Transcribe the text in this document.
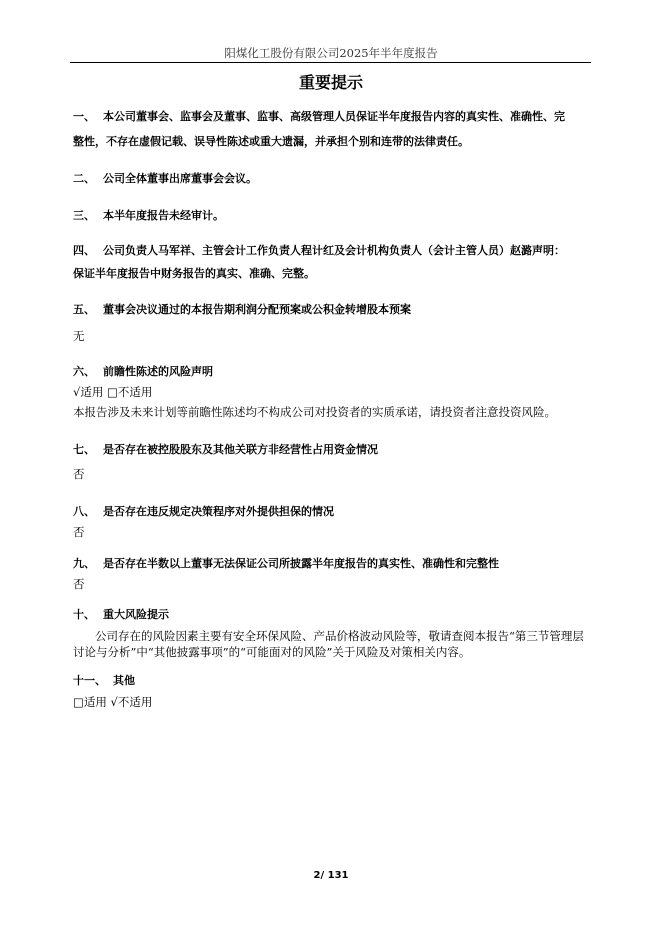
阳煤化工股份有限公司2025年半年度报告
重要提示
一、 本公司董事会、监事会及董事、监事、高级管理人员保证半年度报告内容的真实性、准确性、完
整性，不存在虚假记载、误导性陈述或重大遗漏，并承担个别和连带的法律责任。
二、 公司全体董事出席董事会会议。
三、 本半年度报告未经审计。
四、 公司负责人马军祥、主管会计工作负责人程计红及会计机构负责人（会计主管人员）赵潞声明：
保证半年度报告中财务报告的真实、准确、完整。
五、 董事会决议通过的本报告期利润分配预案或公积金转增股本预案
无
六、 前瞻性陈述的风险声明
√适用 □不适用
本报告涉及未来计划等前瞻性陈述均不构成公司对投资者的实质承诺，请投资者注意投资风险。
七、 是否存在被控股股东及其他关联方非经营性占用资金情况
否
八、 是否存在违反规定决策程序对外提供担保的情况
否
九、 是否存在半数以上董事无法保证公司所披露半年度报告的真实性、准确性和完整性
否
十、 重大风险提示
公司存在的风险因素主要有安全环保风险、产品价格波动风险等，敬请查阅本报告“第三节管理层
讨论与分析”中“其他披露事项”的“可能面对的风险”关于风险及对策相关内容。
十一、 其他
□适用 √不适用
2/ 131
